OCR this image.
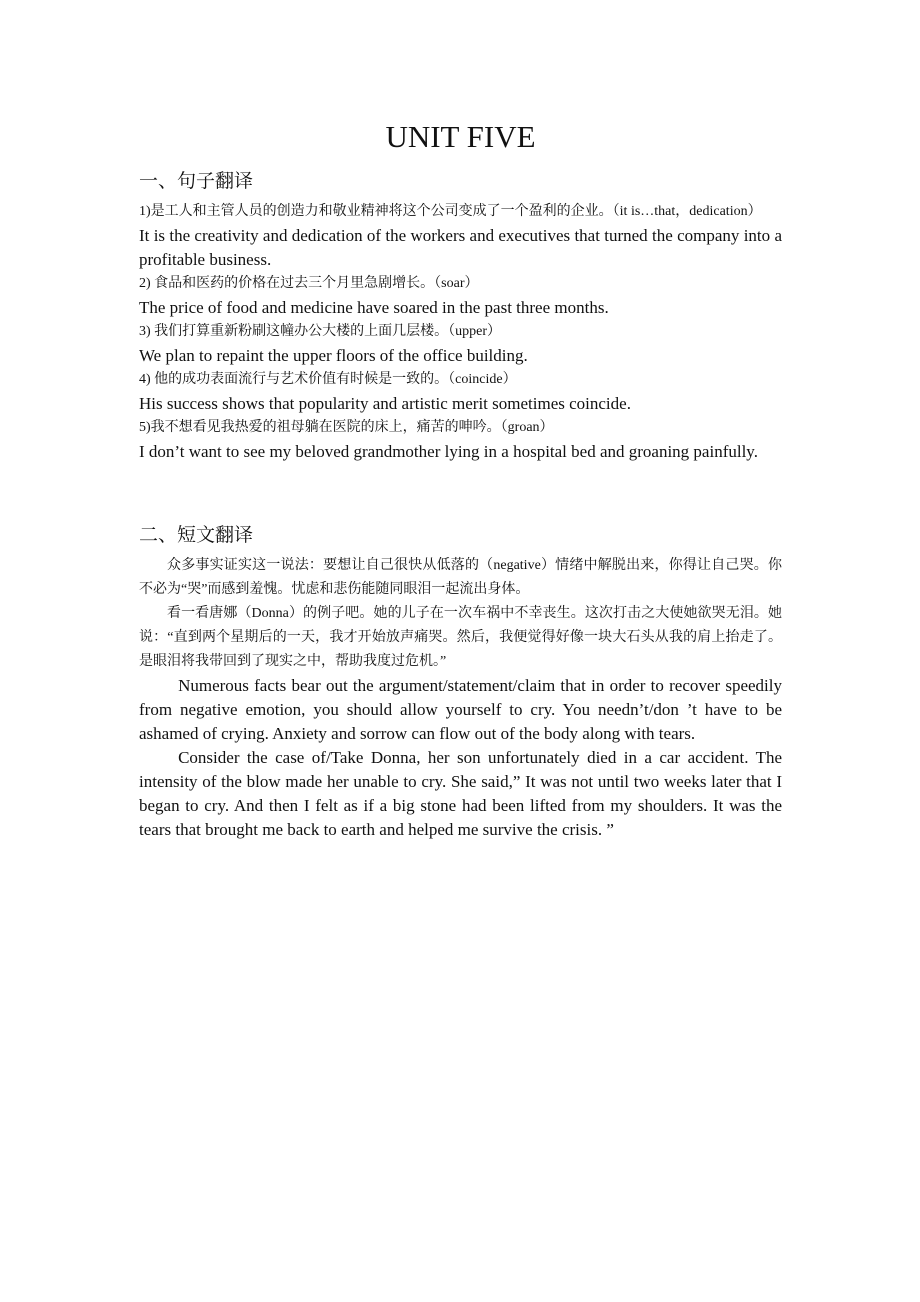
UNIT FIVE
一、句子翻译
1)是工人和主管人员的创造力和敬业精神将这个公司变成了一个盈利的企业。（it is…that，dedication）
It is the creativity and dedication of the workers and executives that turned the company into a profitable business.
2) 食品和医药的价格在过去三个月里急剧增长。（soar）
The price of food and medicine have soared in the past three months.
3) 我们打算重新粉刷这幢办公大楼的上面几层楼。（upper）
We plan to repaint the upper floors of the office building.
4) 他的成功表面流行与艺术价值有时候是一致的。（coincide）
His success shows that popularity and artistic merit sometimes coincide.
5)我不想看见我热爱的祖母躺在医院的床上，痛苦的呻吟。（groan）
I don’t want to see my beloved grandmother lying in a hospital bed and groaning painfully.
二、短文翻译

众多事实证实这一说法：要想让自己很快从低落的（negative）情绪中解脱出来，你得让自己哭。你不必为“哭”而感到羞愧。忧虑和悲伤能随同眼泪一起流出身体。

看一看唐娜（Donna）的例子吧。她的儿子在一次车祸中不幸丧生。这次打击之大使她欲哭无泪。她说：“直到两个星期后的一天，我才开始放声痛哭。然后，我便觉得好像一块大石头从我的肩上抬走了。是眼泪将我带回到了现实之中，帮助我度过危机。”

Numerous facts bear out the argument/statement/claim that in order to recover speedily from negative emotion, you should allow yourself to cry. You needn’t/don ’t have to be ashamed of crying. Anxiety and sorrow can flow out of the body along with tears.

Consider the case of/Take Donna, her son unfortunately died in a car accident. The intensity of the blow made her unable to cry. She said,” It was not until two weeks later that I began to cry. And then I felt as if a big stone had been lifted from my shoulders. It was the tears that brought me back to earth and helped me survive the crisis. ”
